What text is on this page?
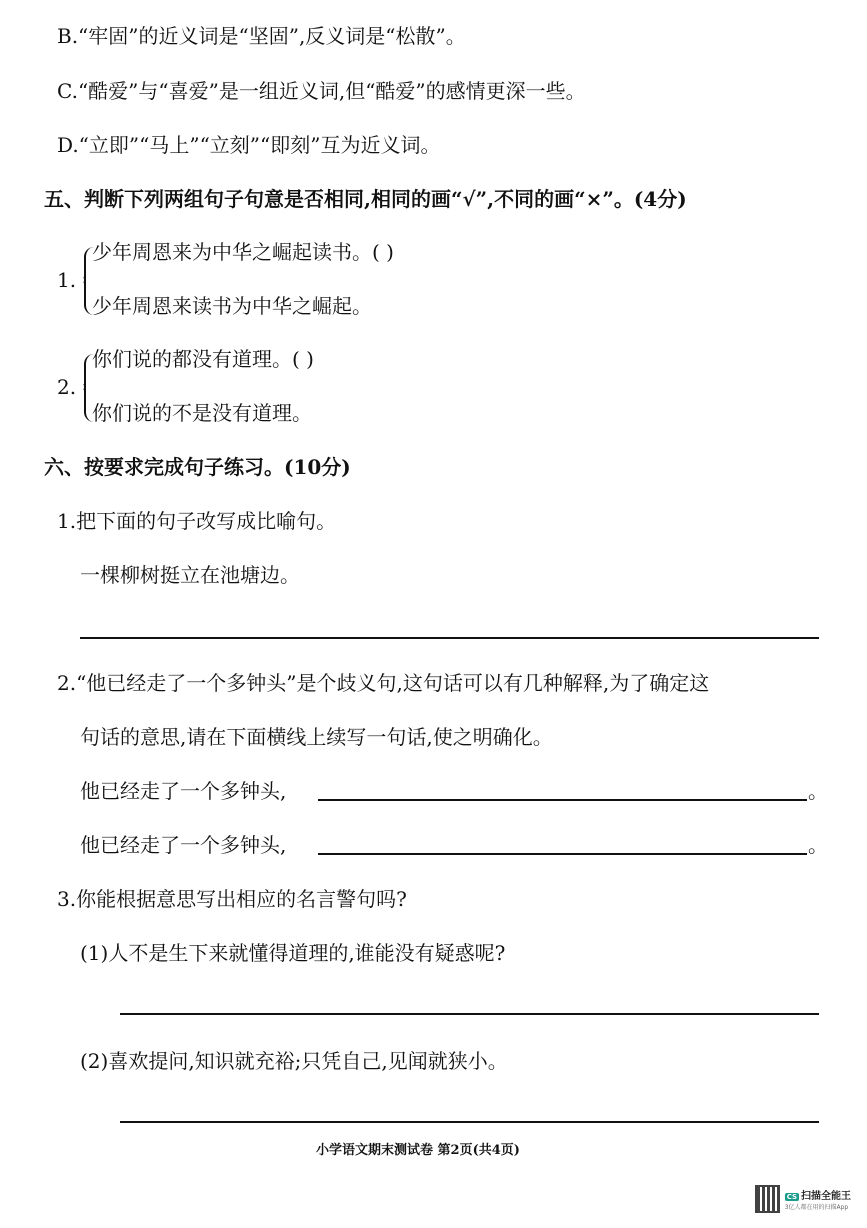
B.“牢固”的近义词是“坚固”,反义词是“松散”。
C.“酷爱”与“喜爱”是一组近义词,但“酷爱”的感情更深一些。
D.“立即”“马上”“立刻”“即刻”互为近义词。
五、判断下列两组句子句意是否相同,相同的画“√”,不同的画“×”。(4分)
1.
少年周恩来为中华之崛起读书。( )
少年周恩来读书为中华之崛起。
2.
你们说的都没有道理。( )
你们说的不是没有道理。
六、按要求完成句子练习。(10分)
1.把下面的句子改写成比喻句。
一棵柳树挺立在池塘边。
2.“他已经走了一个多钟头”是个歧义句,这句话可以有几种解释,为了确定这
句话的意思,请在下面横线上续写一句话,使之明确化。
他已经走了一个多钟头,	。
他已经走了一个多钟头,	。
3.你能根据意思写出相应的名言警句吗?
(1)人不是生下来就懂得道理的,谁能没有疑惑呢?
(2)喜欢提问,知识就充裕;只凭自己,见闻就狭小。
小学语文期末测试卷 第2页(共4页)
CS 扫描全能王
3亿人都在用的扫描App
